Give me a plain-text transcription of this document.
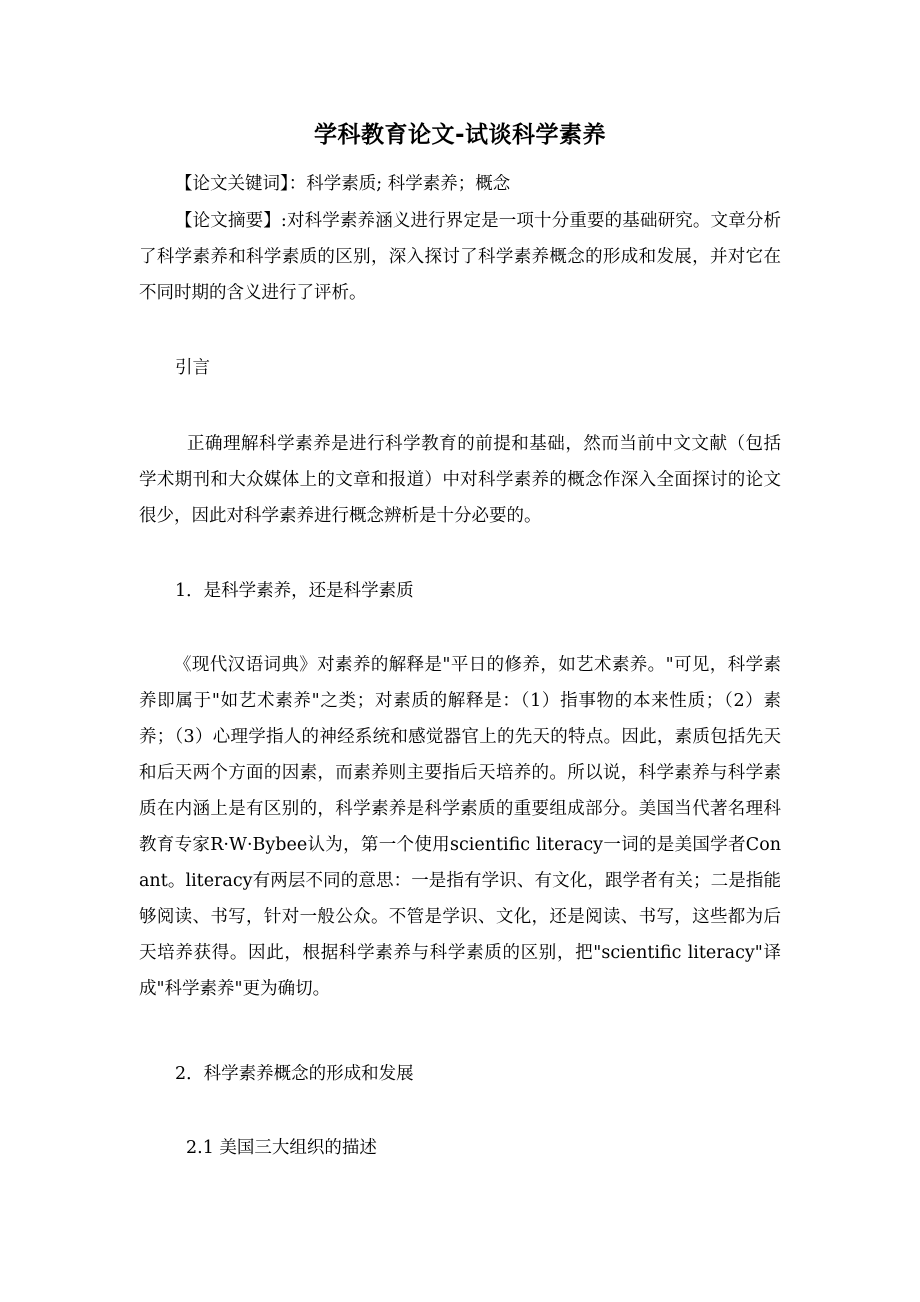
学科教育论文-试谈科学素养
【论文关键词】：科学素质; 科学素养；概念
【论文摘要】:对科学素养涵义进行界定是一项十分重要的基础研究。文章分析了科学素养和科学素质的区别，深入探讨了科学素养概念的形成和发展，并对它在不同时期的含义进行了评析。
引言
正确理解科学素养是进行科学教育的前提和基础，然而当前中文文献（包括学术期刊和大众媒体上的文章和报道）中对科学素养的概念作深入全面探讨的论文很少，因此对科学素养进行概念辨析是十分必要的。
1．是科学素养，还是科学素质
《现代汉语词典》对素养的解释是"平日的修养，如艺术素养。"可见，科学素养即属于"如艺术素养"之类；对素质的解释是：（1）指事物的本来性质；（2）素养；（3）心理学指人的神经系统和感觉器官上的先天的特点。因此，素质包括先天和后天两个方面的因素，而素养则主要指后天培养的。所以说，科学素养与科学素质在内涵上是有区别的，科学素养是科学素质的重要组成部分。美国当代著名理科教育专家R·W·Bybee认为，第一个使用scientific literacy一词的是美国学者Conant。literacy有两层不同的意思：一是指有学识、有文化，跟学者有关；二是指能够阅读、书写，针对一般公众。不管是学识、文化，还是阅读、书写，这些都为后天培养获得。因此，根据科学素养与科学素质的区别，把"scientific literacy"译成"科学素养"更为确切。
2．科学素养概念的形成和发展
2.1 美国三大组织的描述
